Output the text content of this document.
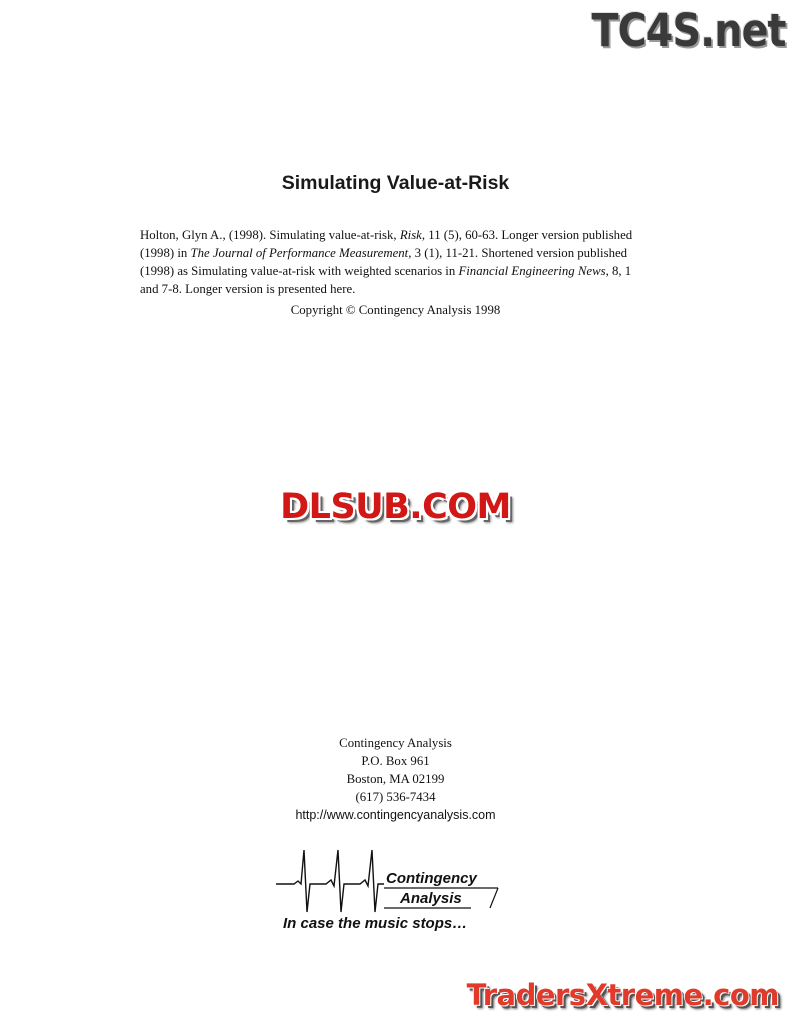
TC4S.net
Simulating Value-at-Risk

Holton, Glyn A., (1998). Simulating value-at-risk, Risk, 11 (5), 60-63. Longer version published (1998) in The Journal of Performance Measurement, 3 (1), 11-21. Shortened version published (1998) as Simulating value-at-risk with weighted scenarios in Financial Engineering News, 8, 1 and 7-8. Longer version is presented here.

Copyright © Contingency Analysis 1998
DLSUB.COM
Contingency Analysis
P.O. Box 961
Boston, MA 02199
(617) 536-7434
http://www.contingencyanalysis.com
Contingency
Analysis
In case the music stops…
TradersXtreme.com
